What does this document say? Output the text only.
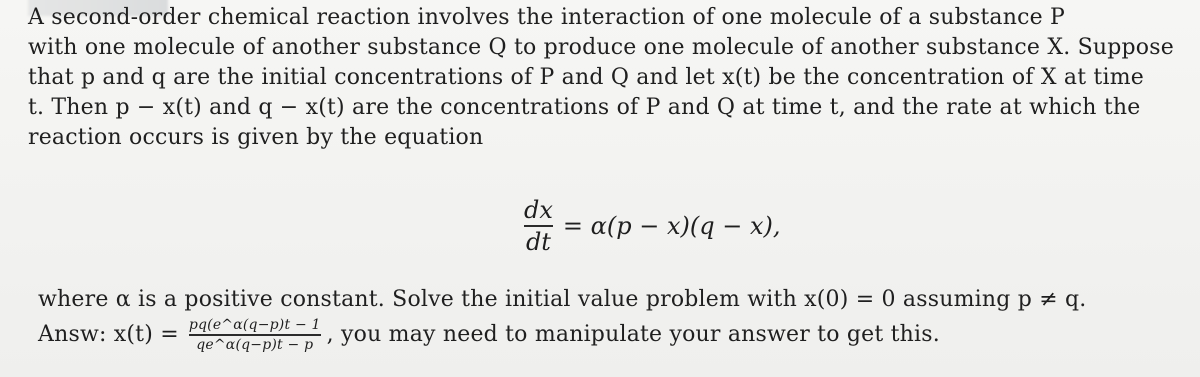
A second-order chemical reaction involves the interaction of one molecule of a substance P
with one molecule of another substance Q to produce one molecule of another substance X. Suppose
that p and q are the initial concentrations of P and Q and let x(t) be the concentration of X at time
t. Then p − x(t) and q − x(t) are the concentrations of P and Q at time t, and the rate at which the
reaction occurs is given by the equation
$\frac{dx}{dt} = \alpha(p - x)(q - x)$,
where α is a positive constant. Solve the initial value problem with x(0) = 0 assuming p ≠ q.
Answ: $x(t) = \frac{pq(e\^{}\alpha(q-p)t - 1}{qe\^{}\alpha(q-p)t - p}$ , you may need to manipulate your answer to get this.
